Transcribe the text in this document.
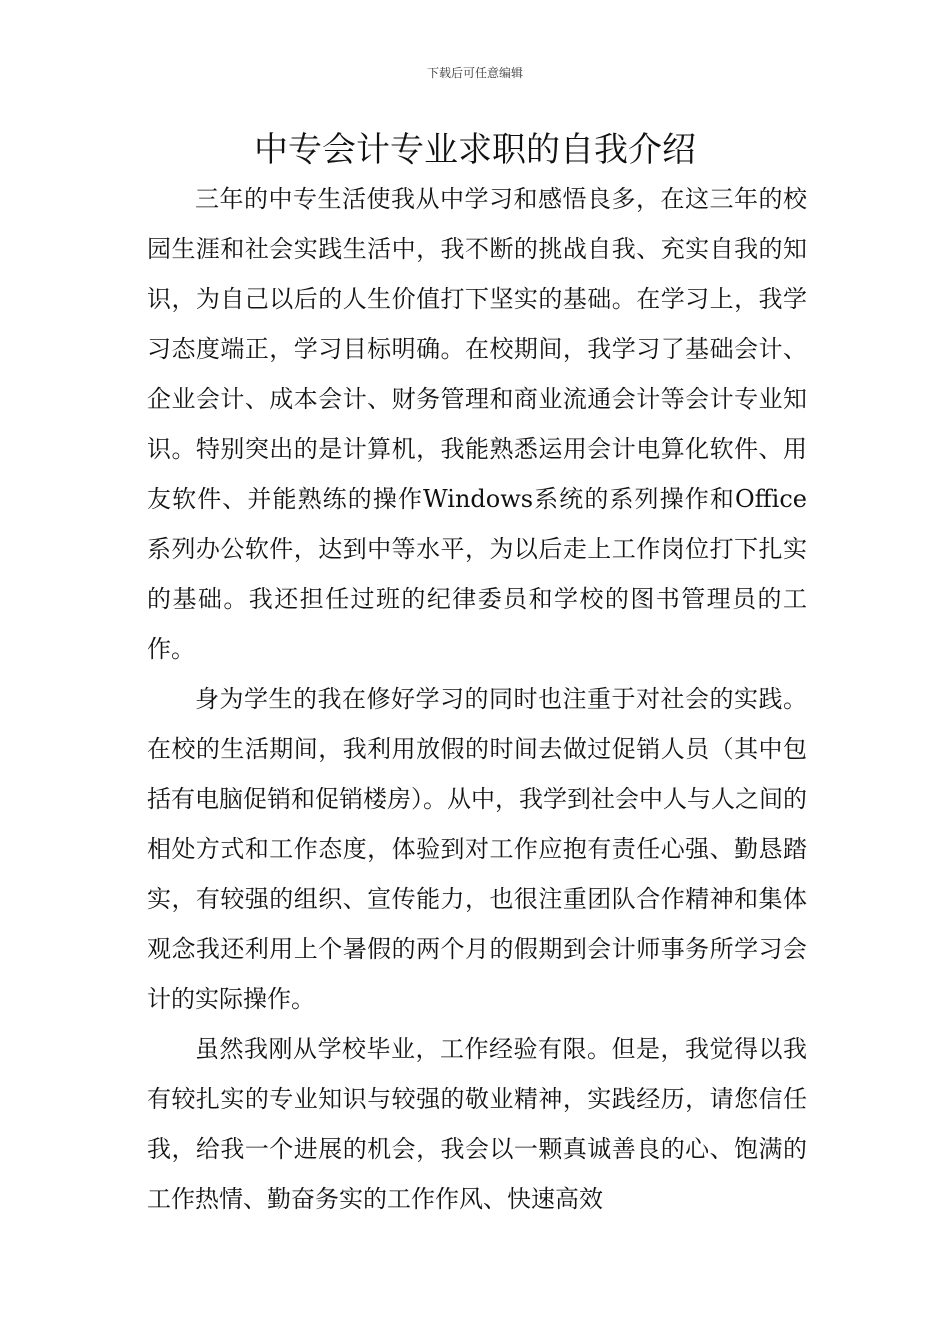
下载后可任意编辑
中专会计专业求职的自我介绍

三年的中专生活使我从中学习和感悟良多，在这三年的校园生涯和社会实践生活中，我不断的挑战自我、充实自我的知识，为自己以后的人生价值打下坚实的基础。在学习上，我学习态度端正，学习目标明确。在校期间，我学习了基础会计、企业会计、成本会计、财务管理和商业流通会计等会计专业知识。特别突出的是计算机，我能熟悉运用会计电算化软件、用友软件、并能熟练的操作Windows系统的系列操作和Office系列办公软件，达到中等水平，为以后走上工作岗位打下扎实的基础。我还担任过班的纪律委员和学校的图书管理员的工作。

身为学生的我在修好学习的同时也注重于对社会的实践。在校的生活期间，我利用放假的时间去做过促销人员（其中包括有电脑促销和促销楼房）。从中，我学到社会中人与人之间的相处方式和工作态度，体验到对工作应抱有责任心强、勤恳踏实，有较强的组织、宣传能力，也很注重团队合作精神和集体观念我还利用上个暑假的两个月的假期到会计师事务所学习会计的实际操作。

虽然我刚从学校毕业，工作经验有限。但是，我觉得以我有较扎实的专业知识与较强的敬业精神，实践经历，请您信任我，给我一个进展的机会，我会以一颗真诚善良的心、饱满的工作热情、勤奋务实的工作作风、快速高效
